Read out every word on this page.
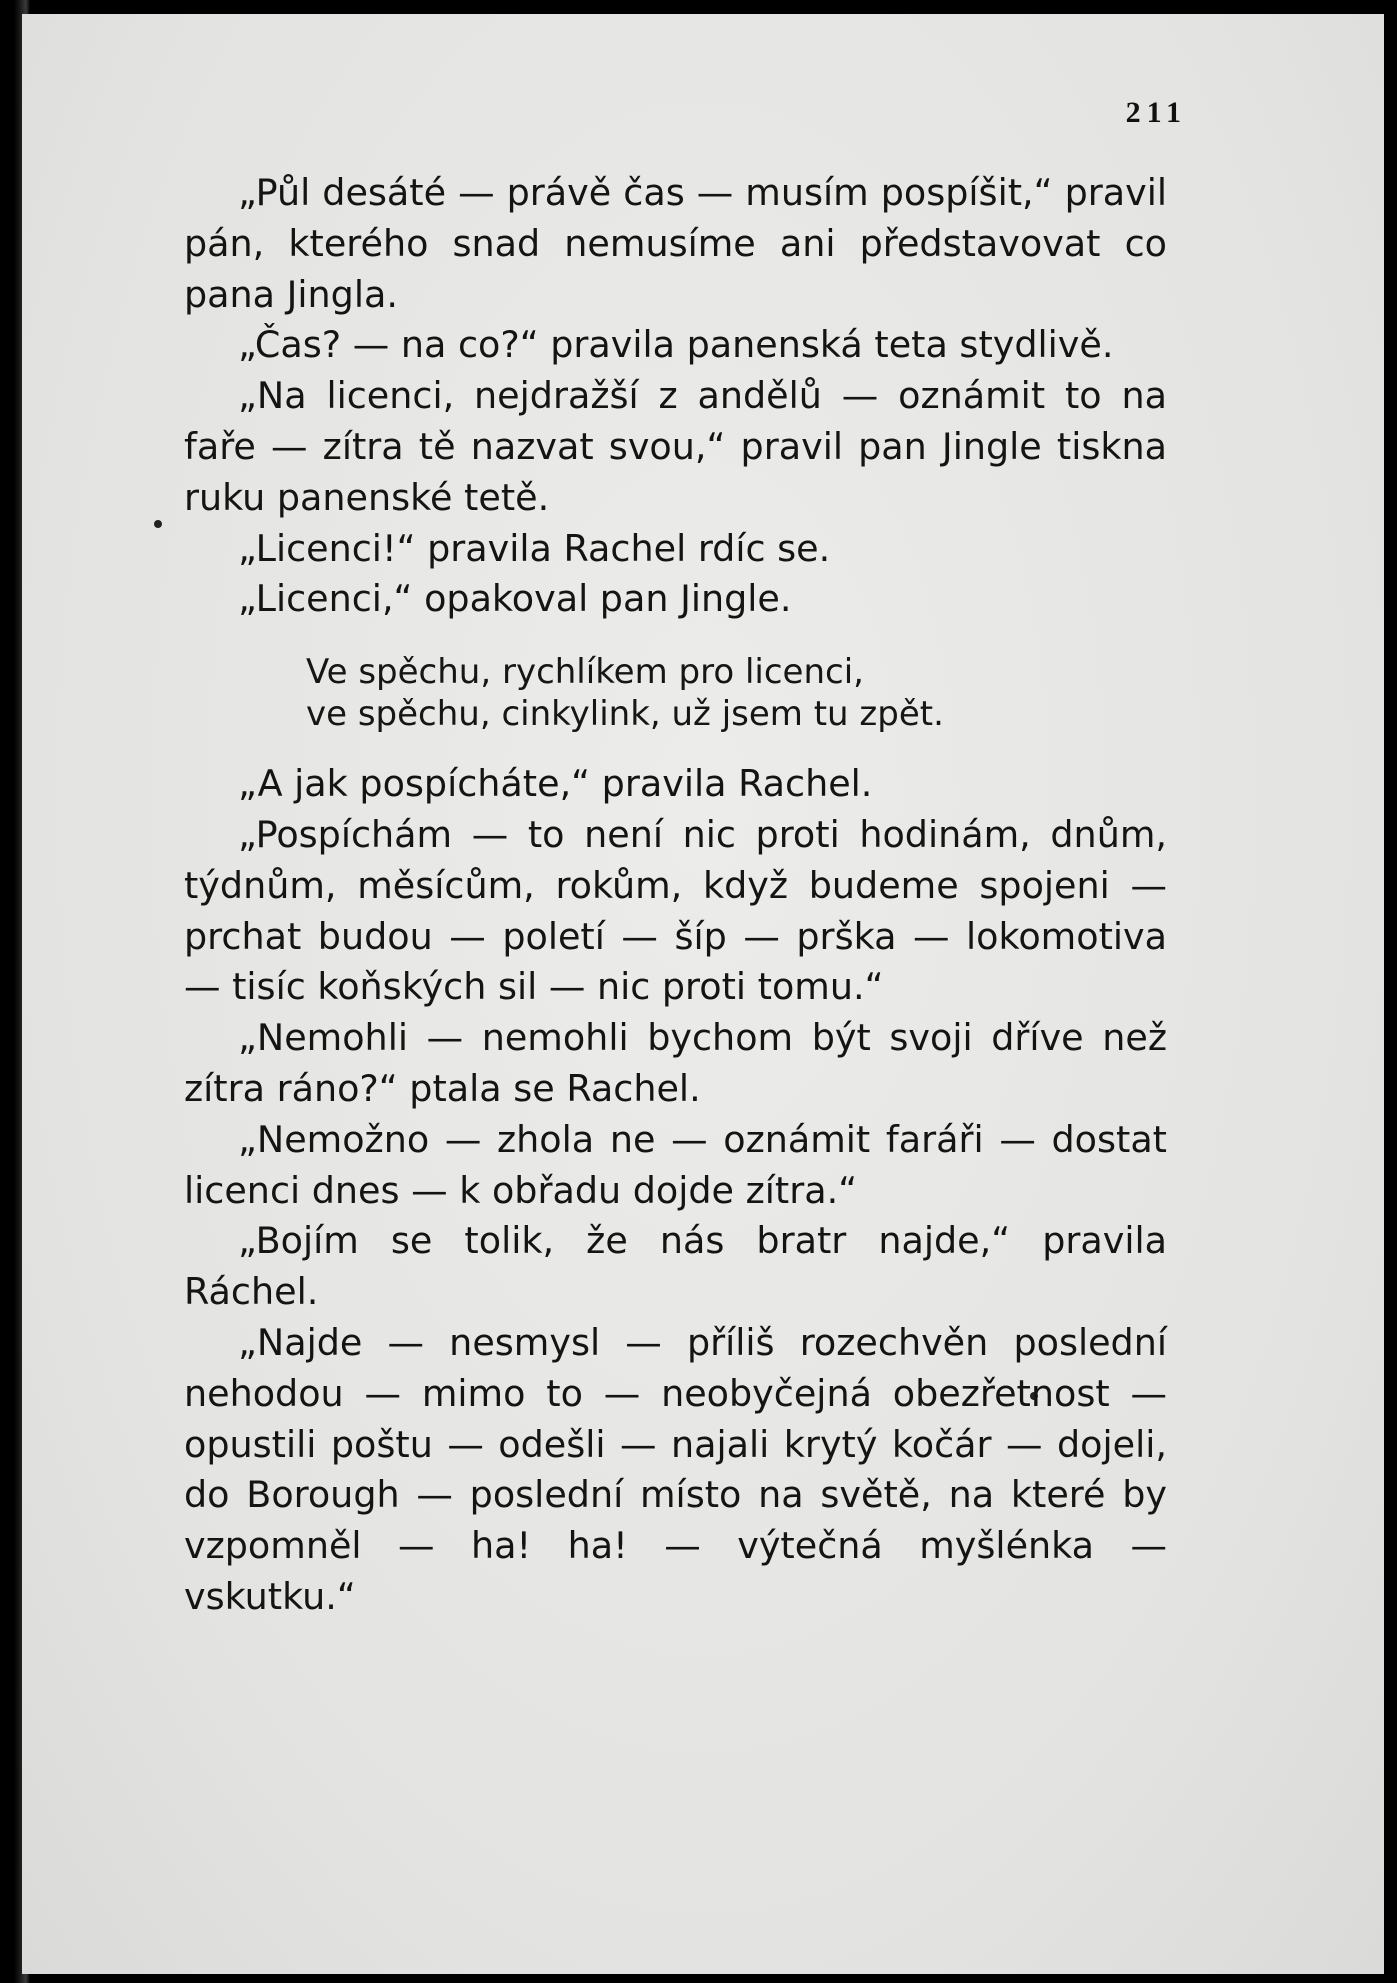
211

„Půl desáté — právě čas — musím pospíšit,“ pravil pán, kterého snad nemusíme ani představovat co pana Jingla.

„Čas? — na co?“ pravila panenská teta stydlivě.

„Na licenci, nejdražší z andělů — oznámit to na faře — zítra tě nazvat svou,“ pravil pan Jingle tiskna ruku panenské tetě.

„Licenci!“ pravila Rachel rdíc se.

„Licenci,“ opakoval pan Jingle.

Ve spěchu, rychlíkem pro licenci,
ve spěchu, cinkylink, už jsem tu zpět.

„A jak pospícháte,“ pravila Rachel.

„Pospíchám — to není nic proti hodinám, dnům, týdnům, měsícům, rokům, když budeme spojeni — prchat budou — poletí — šíp — prška — lokomotiva — tisíc koňských sil — nic proti tomu.“

„Nemohli — nemohli bychom být svoji dříve než zítra ráno?“ ptala se Rachel.

„Nemožno — zhola ne — oznámit faráři — dostat licenci dnes — k obřadu dojde zítra.“

„Bojím se tolik, že nás bratr najde,“ pravila Ráchel.

„Najde — nesmysl — příliš rozechvěn poslední nehodou — mimo to — neobyčejná obezřetnost — opustili poštu — odešli — najali krytý kočár — dojeli, do Borough — poslední místo na světě, na které by vzpomněl — ha! ha! — výtečná myšlénka — vskutku.“
